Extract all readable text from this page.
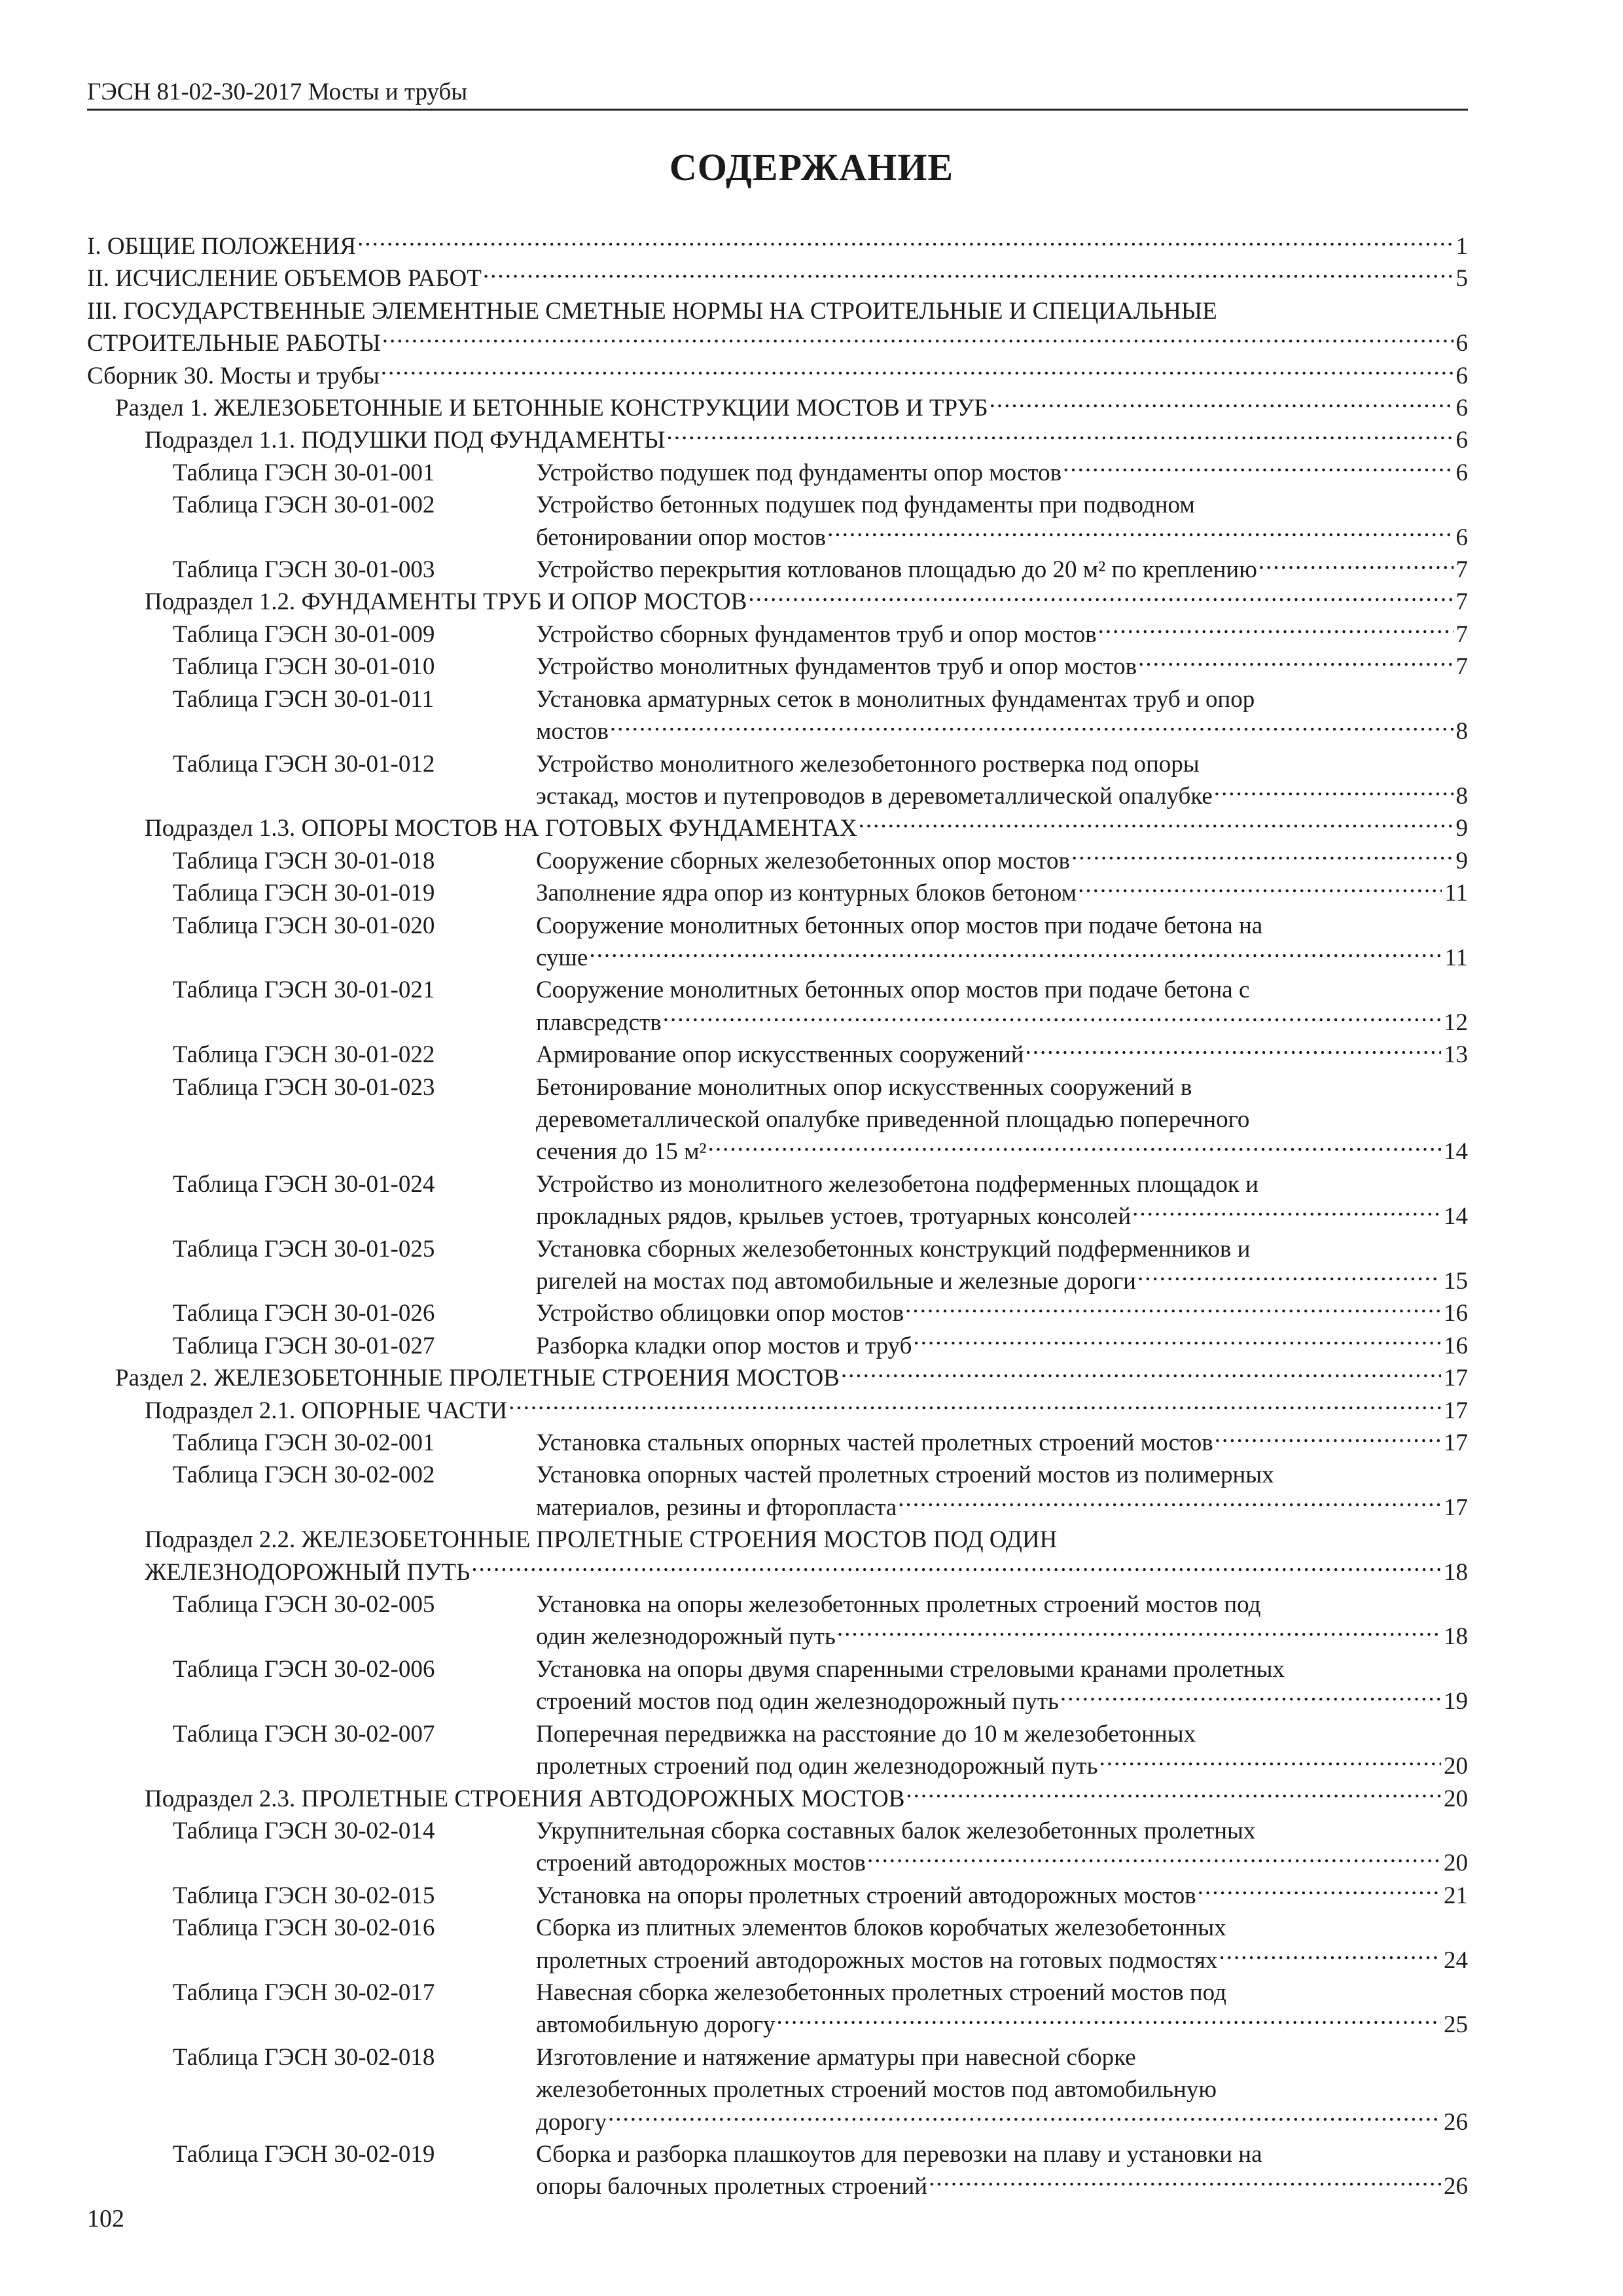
ГЭСН 81-02-30-2017 Мосты и трубы
СОДЕРЖАНИЕ
I. ОБЩИЕ ПОЛОЖЕНИЯ .....	1
II. ИСЧИСЛЕНИЕ ОБЪЕМОВ РАБОТ .....	5
III. ГОСУДАРСТВЕННЫЕ ЭЛЕМЕНТНЫЕ СМЕТНЫЕ НОРМЫ НА СТРОИТЕЛЬНЫЕ И СПЕЦИАЛЬНЫЕ
СТРОИТЕЛЬНЫЕ РАБОТЫ .....	6
Сборник 30. Мосты и трубы .....	6
Раздел 1. ЖЕЛЕЗОБЕТОННЫЕ И БЕТОННЫЕ КОНСТРУКЦИИ МОСТОВ И ТРУБ .....	6
Подраздел 1.1. ПОДУШКИ ПОД ФУНДАМЕНТЫ .....	6
Таблица ГЭСН 30-01-001	Устройство подушек под фундаменты опор мостов .....	6
Таблица ГЭСН 30-01-002	Устройство бетонных подушек под фундаменты при подводном
бетонировании опор мостов .....	6
Таблица ГЭСН 30-01-003	Устройство перекрытия котлованов площадью до 20 м² по креплению .....	7
Подраздел 1.2. ФУНДАМЕНТЫ ТРУБ И ОПОР МОСТОВ .....	7
Таблица ГЭСН 30-01-009	Устройство сборных фундаментов труб и опор мостов .....	7
Таблица ГЭСН 30-01-010	Устройство монолитных фундаментов труб и опор мостов .....	7
Таблица ГЭСН 30-01-011	Установка арматурных сеток в монолитных фундаментах труб и опор
мостов .....	8
Таблица ГЭСН 30-01-012	Устройство монолитного железобетонного ростверка под опоры
эстакад, мостов и путепроводов в деревометаллической опалубке .....	8
Подраздел 1.3. ОПОРЫ МОСТОВ НА ГОТОВЫХ ФУНДАМЕНТАХ .....	9
Таблица ГЭСН 30-01-018	Сооружение сборных железобетонных опор мостов .....	9
Таблица ГЭСН 30-01-019	Заполнение ядра опор из контурных блоков бетоном .....	11
Таблица ГЭСН 30-01-020	Сооружение монолитных бетонных опор мостов при подаче бетона на
суше .....	11
Таблица ГЭСН 30-01-021	Сооружение монолитных бетонных опор мостов при подаче бетона с
плавсредств .....	12
Таблица ГЭСН 30-01-022	Армирование опор искусственных сооружений .....	13
Таблица ГЭСН 30-01-023	Бетонирование монолитных опор искусственных сооружений в
деревометаллической опалубке приведенной площадью поперечного
сечения до 15 м² .....	14
Таблица ГЭСН 30-01-024	Устройство из монолитного железобетона подферменных площадок и
прокладных рядов, крыльев устоев, тротуарных консолей .....	14
Таблица ГЭСН 30-01-025	Установка сборных железобетонных конструкций подферменников и
ригелей на мостах под автомобильные и железные дороги .....	15
Таблица ГЭСН 30-01-026	Устройство облицовки опор мостов .....	16
Таблица ГЭСН 30-01-027	Разборка кладки опор мостов и труб .....	16
Раздел 2. ЖЕЛЕЗОБЕТОННЫЕ ПРОЛЕТНЫЕ СТРОЕНИЯ МОСТОВ .....	17
Подраздел 2.1. ОПОРНЫЕ ЧАСТИ .....	17
Таблица ГЭСН 30-02-001	Установка стальных опорных частей пролетных строений мостов .....	17
Таблица ГЭСН 30-02-002	Установка опорных частей пролетных строений мостов из полимерных
материалов, резины и фторопласта .....	17
Подраздел 2.2. ЖЕЛЕЗОБЕТОННЫЕ ПРОЛЕТНЫЕ СТРОЕНИЯ МОСТОВ ПОД ОДИН
ЖЕЛЕЗНОДОРОЖНЫЙ ПУТЬ .....	18
Таблица ГЭСН 30-02-005	Установка на опоры железобетонных пролетных строений мостов под
один железнодорожный путь .....	18
Таблица ГЭСН 30-02-006	Установка на опоры двумя спаренными стреловыми кранами пролетных
строений мостов под один железнодорожный путь .....	19
Таблица ГЭСН 30-02-007	Поперечная передвижка на расстояние до 10 м железобетонных
пролетных строений под один железнодорожный путь .....	20
Подраздел 2.3. ПРОЛЕТНЫЕ СТРОЕНИЯ АВТОДОРОЖНЫХ МОСТОВ .....	20
Таблица ГЭСН 30-02-014	Укрупнительная сборка составных балок железобетонных пролетных
строений автодорожных мостов .....	20
Таблица ГЭСН 30-02-015	Установка на опоры пролетных строений автодорожных мостов .....	21
Таблица ГЭСН 30-02-016	Сборка из плитных элементов блоков коробчатых железобетонных
пролетных строений автодорожных мостов на готовых подмостях .....	24
Таблица ГЭСН 30-02-017	Навесная сборка железобетонных пролетных строений мостов под
автомобильную дорогу .....	25
Таблица ГЭСН 30-02-018	Изготовление и натяжение арматуры при навесной сборке
железобетонных пролетных строений мостов под автомобильную
дорогу .....	26
Таблица ГЭСН 30-02-019	Сборка и разборка плашкоутов для перевозки на плаву и установки на
опоры балочных пролетных строений .....	26
102
